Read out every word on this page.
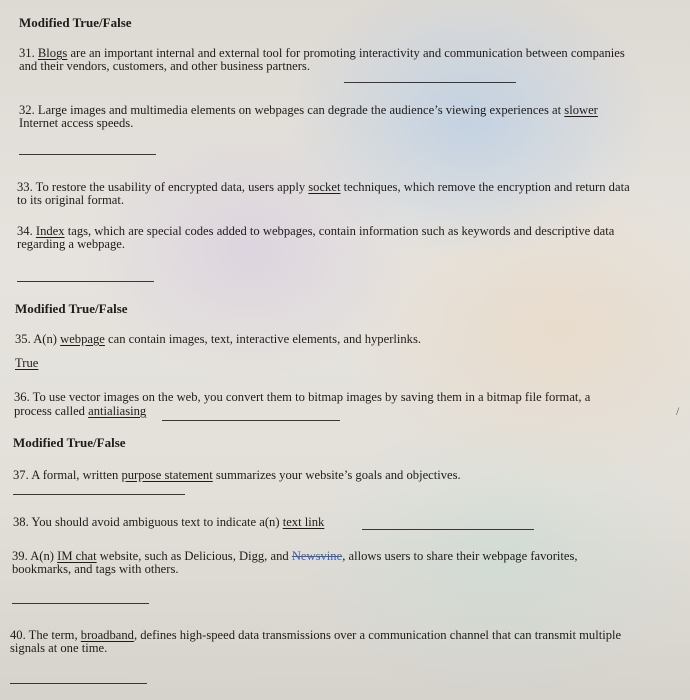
Modified True/False
31. Blogs are an important internal and external tool for promoting interactivity and communication between companies
and their vendors, customers, and other business partners.
32. Large images and multimedia elements on webpages can degrade the audience’s viewing experiences at slower
Internet access speeds.
33. To restore the usability of encrypted data, users apply socket techniques, which remove the encryption and return data
to its original format.
34. Index tags, which are special codes added to webpages, contain information such as keywords and descriptive data
regarding a webpage.
Modified True/False
35. A(n) webpage can contain images, text, interactive elements, and hyperlinks.
True
36. To use vector images on the web, you convert them to bitmap images by saving them in a bitmap file format, a
process called antialiasing	/
Modified True/False
37. A formal, written purpose statement summarizes your website’s goals and objectives.
38. You should avoid ambiguous text to indicate a(n) text link
39. A(n) IM chat website, such as Delicious, Digg, and Newsvine, allows users to share their webpage favorites,
bookmarks, and tags with others.
40. The term, broadband, defines high-speed data transmissions over a communication channel that can transmit multiple
signals at one time.
